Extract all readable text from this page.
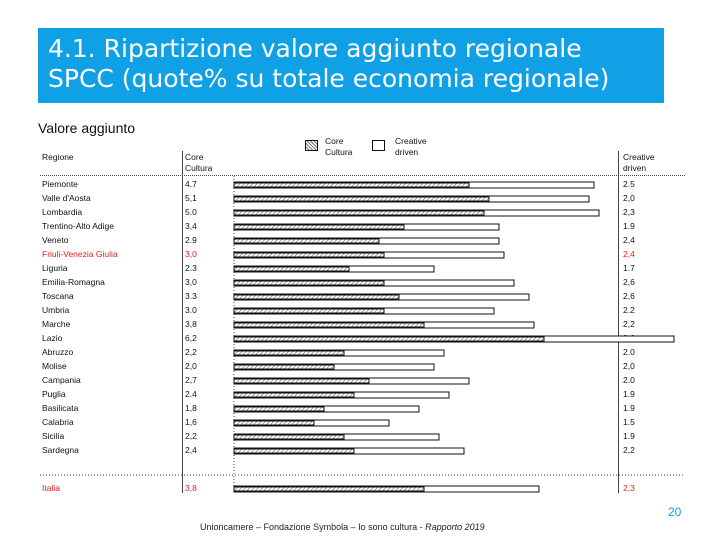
4.1. Ripartizione valore aggiunto regionale
SPCC (quote% su totale economia regionale)
Valore aggiunto
Regione	Core Cultura
Creative driven
Core Cultura
Creative driven
Piemonte	4.7	2.5
Valle d'Aosta	5,1	2,0
Lombardia	5.0	2,3
Trentino-Alto Adige	3,4	1.9
Veneto	2.9	2,4
Friuli-Venezia Giulia	3,0	2,4
Liguria	2.3	1.7
Emilia-Romagna	3,0	2,6
Toscana	3.3	2,6
Umbria	3.0	2.2
Marche	3,8	2,2
Lazio	6,2
Abruzzo	2,2	2.0
Molise	2,0	2,0
Campania	2,7	2.0
Puglia	2.4	1.9
Basilicata	1,8	1.9
Calabria	1,6	1.5
Sicilia	2,2	1.9
Sardegna	2,4	2,2
Italia	3,8	2,3
20
Unioncamere – Fondazione Symbola – Io sono cultura - Rapporto 2019
